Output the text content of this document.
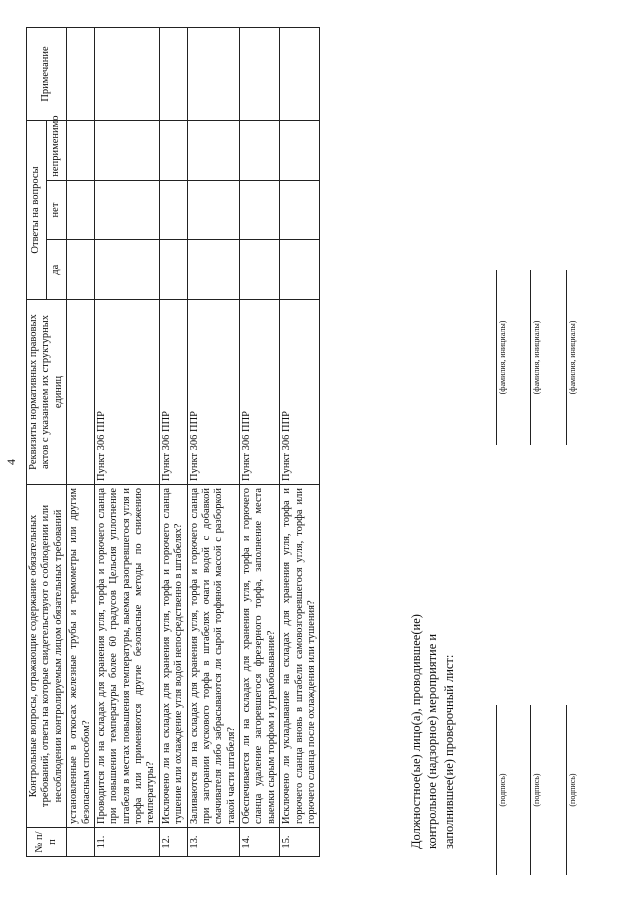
4
№ п/п	Контрольные вопросы, отражающие содержание обязательных требований, ответы на которые свидетельствуют о соблюдении или несоблюдении контролируемым лицом обязательных требований	Реквизиты нормативных правовых актов с указанием их структурных единиц	Ответы на вопросы			Примечание
			да	нет	неприменимо	
	установленные в откосах железные трубы и термометры или другим безопасным способом?					
11.	Проводится ли на складах для хранения угля, торфа и горючего сланца при повышении температуры более 60 градусов Цельсия уплотнение штабеля в местах повышения температуры, выемка разогревшегося угля и торфа или применяются другие безопасные методы по снижению температуры?	Пункт 306 ППР				
12.	Исключено ли на складах для хранения угля, торфа и горючего сланца тушение или охлаждение угля водой непосредственно в штабелях?	Пункт 306 ППР				
13.	Заливаются ли на складах для хранения угля, торфа и горючего сланца при загорании кускового торфа в штабелях очаги водой с добавкой смачивателя либо забрасываются ли сырой торфяной массой с разборкой такой части штабеля?	Пункт 306 ППР				
14.	Обеспечивается ли на складах для хранения угля, торфа и горючего сланца удаление загоревшегося фрезерного торфа, заполнение места выемки сырым торфом и утрамбовывание?	Пункт 306 ППР				
15.	Исключено ли укладывание на складах для хранения угля, торфа и горючего сланца вновь в штабели самовозгоревшегося угля, торфа или горючего сланца после охлаждения или тушения?	Пункт 306 ППР				
Должностное(ые) лицо(а), проводившее(ие) контрольное (надзорное) мероприятие и заполнившее(ие) проверочный лист:	(подпись)
(фамилия, инициалы)
(подпись)
(фамилия, инициалы)
(подпись)
(фамилия, инициалы)
